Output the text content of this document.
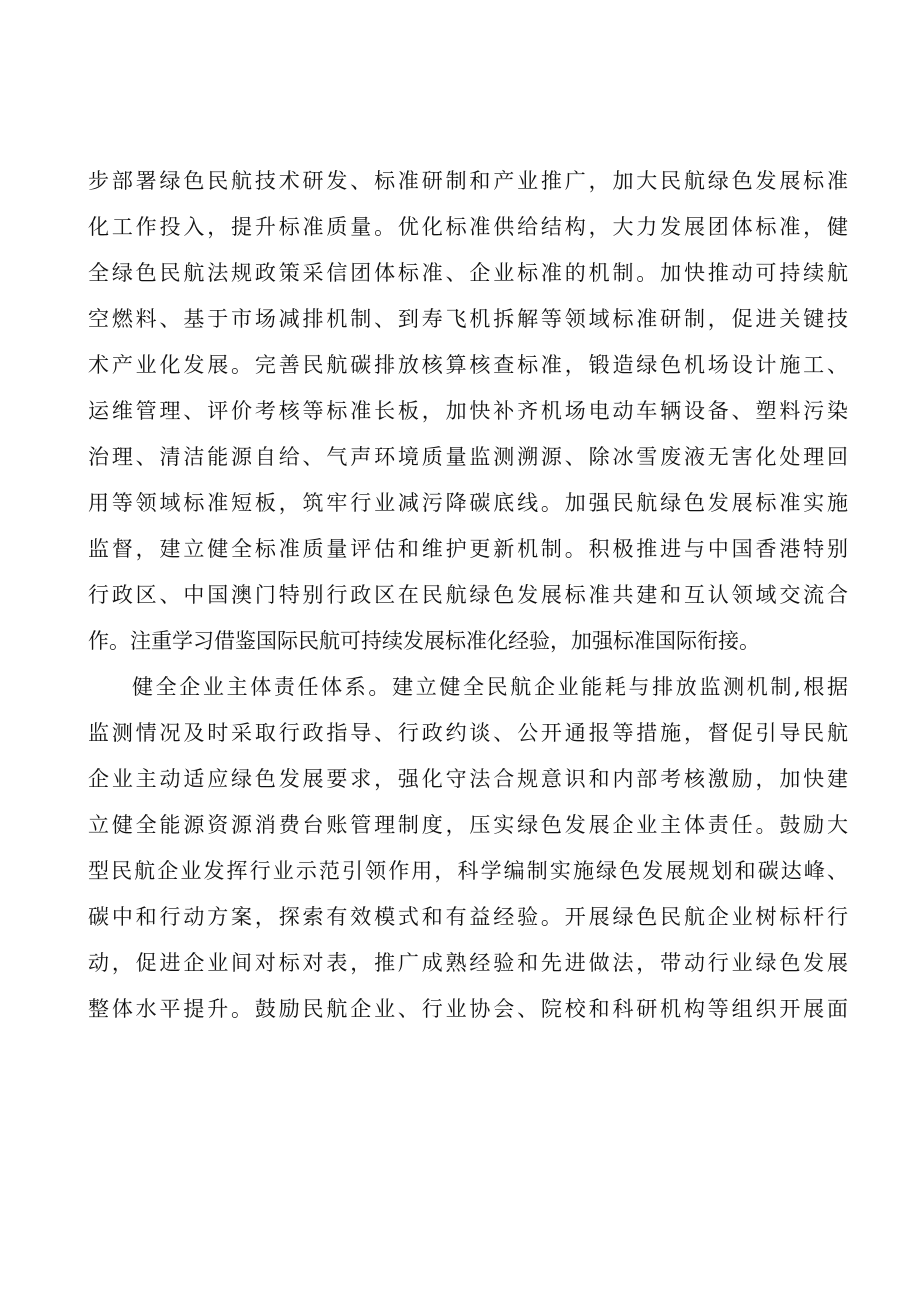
步部署绿色民航技术研发、标准研制和产业推广，加大民航绿色发展标准
化工作投入，提升标准质量。优化标准供给结构，大力发展团体标准，健
全绿色民航法规政策采信团体标准、企业标准的机制。加快推动可持续航
空燃料、基于市场减排机制、到寿飞机拆解等领域标准研制，促进关键技
术产业化发展。完善民航碳排放核算核查标准，锻造绿色机场设计施工、
运维管理、评价考核等标准长板，加快补齐机场电动车辆设备、塑料污染
治理、清洁能源自给、气声环境质量监测溯源、除冰雪废液无害化处理回
用等领域标准短板，筑牢行业减污降碳底线。加强民航绿色发展标准实施
监督，建立健全标准质量评估和维护更新机制。积极推进与中国香港特别
行政区、中国澳门特别行政区在民航绿色发展标准共建和互认领域交流合
作。注重学习借鉴国际民航可持续发展标准化经验，加强标准国际衔接。
健全企业主体责任体系。建立健全民航企业能耗与排放监测机制,根据
监测情况及时采取行政指导、行政约谈、公开通报等措施，督促引导民航
企业主动适应绿色发展要求，强化守法合规意识和内部考核激励，加快建
立健全能源资源消费台账管理制度，压实绿色发展企业主体责任。鼓励大
型民航企业发挥行业示范引领作用，科学编制实施绿色发展规划和碳达峰、
碳中和行动方案，探索有效模式和有益经验。开展绿色民航企业树标杆行
动，促进企业间对标对表，推广成熟经验和先进做法，带动行业绿色发展
整体水平提升。鼓励民航企业、行业协会、院校和科研机构等组织开展面
